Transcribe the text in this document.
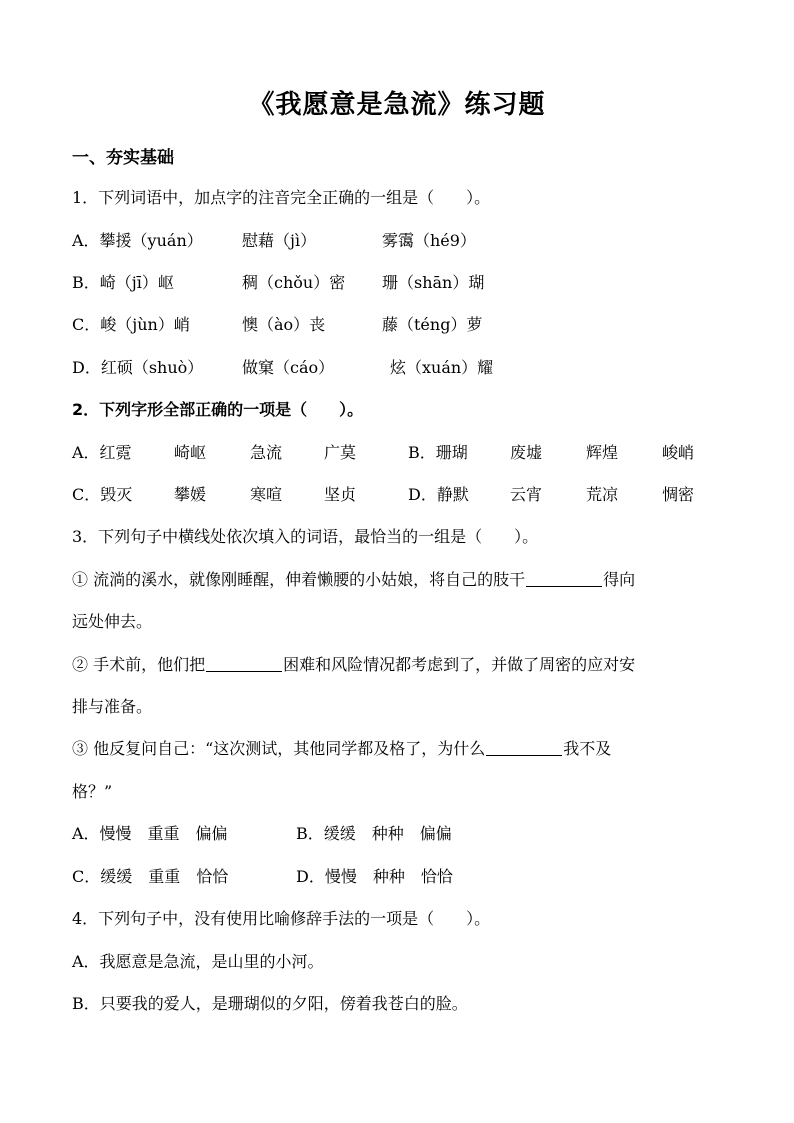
《我愿意是急流》练习题
一、夯实基础
1．下列词语中，加点字的注音完全正确的一组是（　　）。
A．攀援（yuán） 慰藉（jì）	雾霭（hé9）
B．崎（jī）岖	稠（chǒu）密 珊（shān）瑚
C．峻（jùn）峭	懊（ào）丧	藤（téng）萝
D．红硕（shuò） 做窠（cáo）	炫（xuán）耀
2．下列字形全部正确的一项是（　　）。
A．红霓	崎岖	急流	广莫	B．珊瑚	废墟	辉煌	峻峭
C．毁灭	攀媛	寒喧	坚贞	D．静默	云宵	荒凉	惆密
3．下列句子中横线处依次填入的词语，最恰当的一组是（　　）。
① 流淌的溪水，就像刚睡醒，伸着懒腰的小姑娘，将自己的肢干	得向
远处伸去。
② 手术前，他们把	困难和风险情况都考虑到了，并做了周密的应对安
排与准备。
③ 他反复问自己：“这次测试，其他同学都及格了，为什么	我不及
格？”
A．慢慢　重重　偏偏	B．缓缓　种种　偏偏
C．缓缓　重重　恰恰	D．慢慢　种种　恰恰
4．下列句子中，没有使用比喻修辞手法的一项是（　　）。
A．我愿意是急流，是山里的小河。
B．只要我的爱人，是珊瑚似的夕阳，傍着我苍白的脸。
